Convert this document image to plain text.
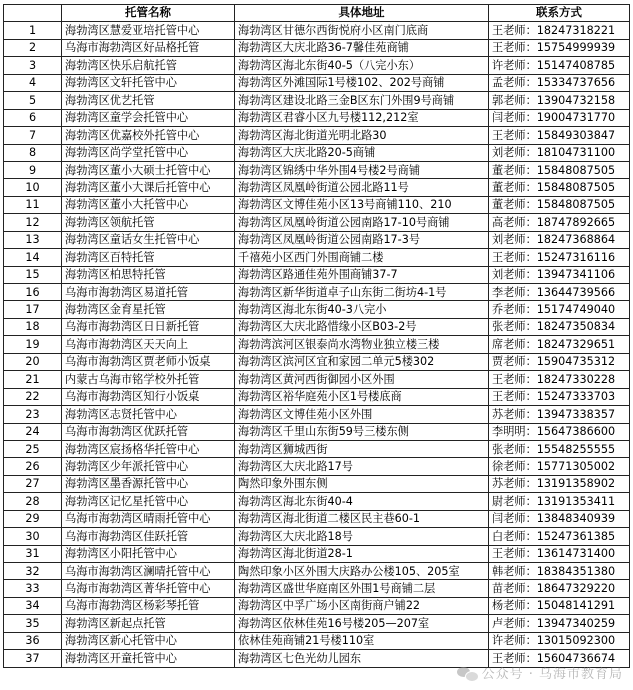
	托管名称	具体地址	联系方式
1	海勃湾区慧爱亚培托管中心	海勃湾区甘德尔西街悦府小区南门底商	王老师：18247318221
2	乌海市海勃湾区好品格托管	海勃湾区大庆北路36-7馨佳苑商铺	王老师：15754999939
3	海勃湾区快乐启航托管	海勃湾区海北东街40-5（八完小东）	许老师：15147408785
4	海勃湾区文轩托管中心	海勃湾区外滩国际1号楼102、202号商铺	孟老师：15334737656
5	海勃湾区优艺托管	海勃湾区建设北路三金B区东门外围9号商铺	郭老师：13904732158
6	海勃湾区童学会托管中心	海勃湾区君睿小区九号楼112,212室	闫老师：19004731770
7	海勃湾区优嘉校外托管中心	海勃湾区海北街道光明北路30	王老师：15849303847
8	海勃湾区尚学堂托管中心	海勃湾区大庆北路20-5商铺	刘老师：18104731100
9	海勃湾区董小大硕士托管中心	海勃湾区锦绣中华外围4号楼2号商铺	董老师：15848087505
10	海勃湾区董小大课后托管中心	海勃湾区凤凰岭街道公园北路11号	董老师：15848087505
11	海勃湾区董小大托管中心	海勃湾区文博佳苑小区13号商铺110、210	董老师：15848087505
12	海勃湾区领航托管	海勃湾区凤凰岭街道公园南路17-10号商铺	高老师：18747892665
13	海勃湾区童话女生托管中心	海勃湾区凤凰岭街道公园南路17-3号	刘老师：18247368864
14	海勃湾区百特托管	千禧苑小区西门外围商铺二楼	王老师：15247316116
15	海勃湾区柏思特托管	海勃湾区路通佳苑外围商铺37-7	刘老师：13947341106
16	乌海市海勃湾区易道托管	海勃湾区新华街道卓子山东街二街坊4-1号	李老师：13644739566
17	海勃湾区金育星托管	海勃湾区海北东街40-3八完小	乔老师：15174749040
18	乌海市海勃湾区日日新托管	海勃湾区大庆北路惜缘小区B03-2号	张老师：18247350834
19	乌海市海勃湾区天天向上	海勃湾滨河区银泰尚水湾物业独立楼三楼	席老师：18247329651
20	乌海市海勃湾区贾老师小饭桌	海勃湾区滨河区宜和家园二单元5楼302	贾老师：15904735312
21	内蒙古乌海市铭学校外托管	海勃湾区黄河西街御园小区外围	王老师：18247330228
22	乌海市海勃湾区知行小饭桌	海勃湾区裕华庭苑小区1号楼底商	王老师：15247333703
23	海勃湾区志贤托管中心	海勃湾区文博佳苑小区外围	苏老师：13947338357
24	乌海市海勃湾区优跃托管	海勃湾区千里山东街59号三楼东侧	李明明：15647386600
25	海勃湾区宸扬格华托管中心	海勃湾区狮城西街	张老师：15548255555
26	海勃湾区少年派托管中心	海勃湾区大庆北路17号	徐老师：15771305002
27	海勃湾区墨香源托管中心	陶然印象外围东侧	苏老师：13191358902
28	海勃湾区记忆星托管中心	海勃湾区海北东街40-4	尉老师：13191353411
29	乌海市海勃湾区晴雨托管中心	海勃湾区海北街道二楼区民主巷60-1	闫老师：13848340939
30	乌海市海勃湾区佳跃托管	海勃湾区大庆北路18号	白老师：15247361385
31	海勃湾区小阳托管中心	海勃湾区海北街道28-1	王老师：13614731400
32	乌海市海勃湾区澜晴托管中心	陶然印象小区外围大庆路办公楼105、205室	韩老师：18384351380
33	乌海市海勃湾区菁华托管中心	海勃湾区盛世华庭南区外围1号商铺二层	苗老师：18647329220
34	乌海市海勃湾区杨彩琴托管	海勃湾区中孚广场小区南街商户铺22	杨老师：15048141291
35	海勃湾区新起点托管	海勃湾区依林佳苑16号楼205—207室	卢老师：13947340259
36	海勃湾区新心托管中心	依林佳苑商铺21号楼110室	许老师：13015092300
37	海勃湾区开童托管中心	海勃湾区七色光幼儿园东	王老师：15604736674
公众号 · 乌海市教育局
